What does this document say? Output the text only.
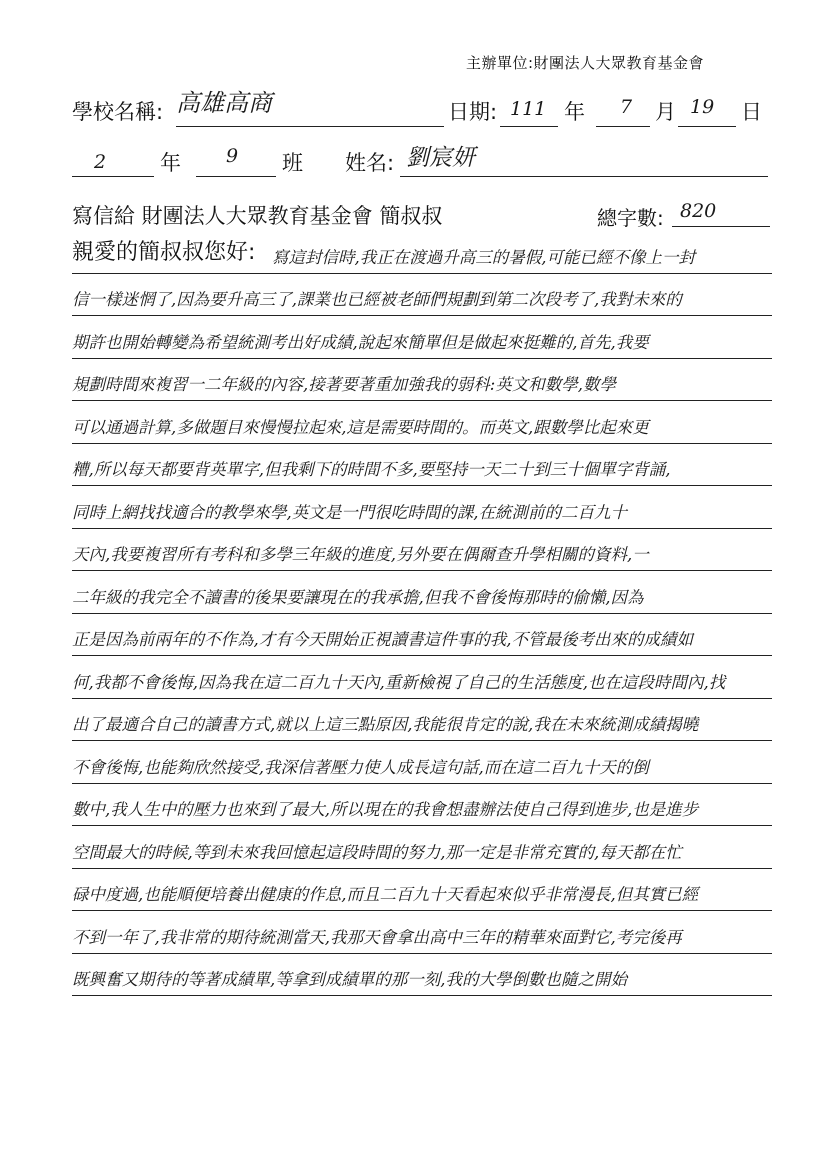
主辦單位:財團法人大眾教育基金會
學校名稱: 高雄高商	日期: 111 年 7 月 19 日
2	年 9 班 姓名: 劉宸妍
寫信給 財團法人大眾教育基金會 簡叔叔	總字數: 820
親愛的簡叔叔您好: 寫這封信時,我正在渡過升高三的暑假,可能已經不像上一封
信一樣迷惘了,因為要升高三了,課業也已經被老師們規劃到第二次段考了,我對未來的
期許也開始轉變為希望統測考出好成績,說起來簡單但是做起來挺難的,首先,我要
規劃時間來複習一二年級的內容,接著要著重加強我的弱科:英文和數學,數學
可以通過計算,多做題目來慢慢拉起來,這是需要時間的。而英文,跟數學比起來更
糟,所以每天都要背英單字,但我剩下的時間不多,要堅持一天二十到三十個單字背誦,
同時上網找找適合的教學來學,英文是一門很吃時間的課,在統測前的二百九十
天內,我要複習所有考科和多學三年級的進度,另外要在偶爾查升學相關的資料,一
二年級的我完全不讀書的後果要讓現在的我承擔,但我不會後悔那時的偷懶,因為
正是因為前兩年的不作為,才有今天開始正視讀書這件事的我,不管最後考出來的成績如
何,我都不會後悔,因為我在這二百九十天內,重新檢視了自己的生活態度,也在這段時間內,找
出了最適合自己的讀書方式,就以上這三點原因,我能很肯定的說,我在未來統測成績揭曉
不會後悔,也能夠欣然接受,我深信著壓力使人成長這句話,而在這二百九十天的倒
數中,我人生中的壓力也來到了最大,所以現在的我會想盡辦法使自己得到進步,也是進步
空間最大的時候,等到未來我回憶起這段時間的努力,那一定是非常充實的,每天都在忙
碌中度過,也能順便培養出健康的作息,而且二百九十天看起來似乎非常漫長,但其實已經
不到一年了,我非常的期待統測當天,我那天會拿出高中三年的精華來面對它,考完後再
既興奮又期待的等著成績單,等拿到成績單的那一刻,我的大學倒數也隨之開始
